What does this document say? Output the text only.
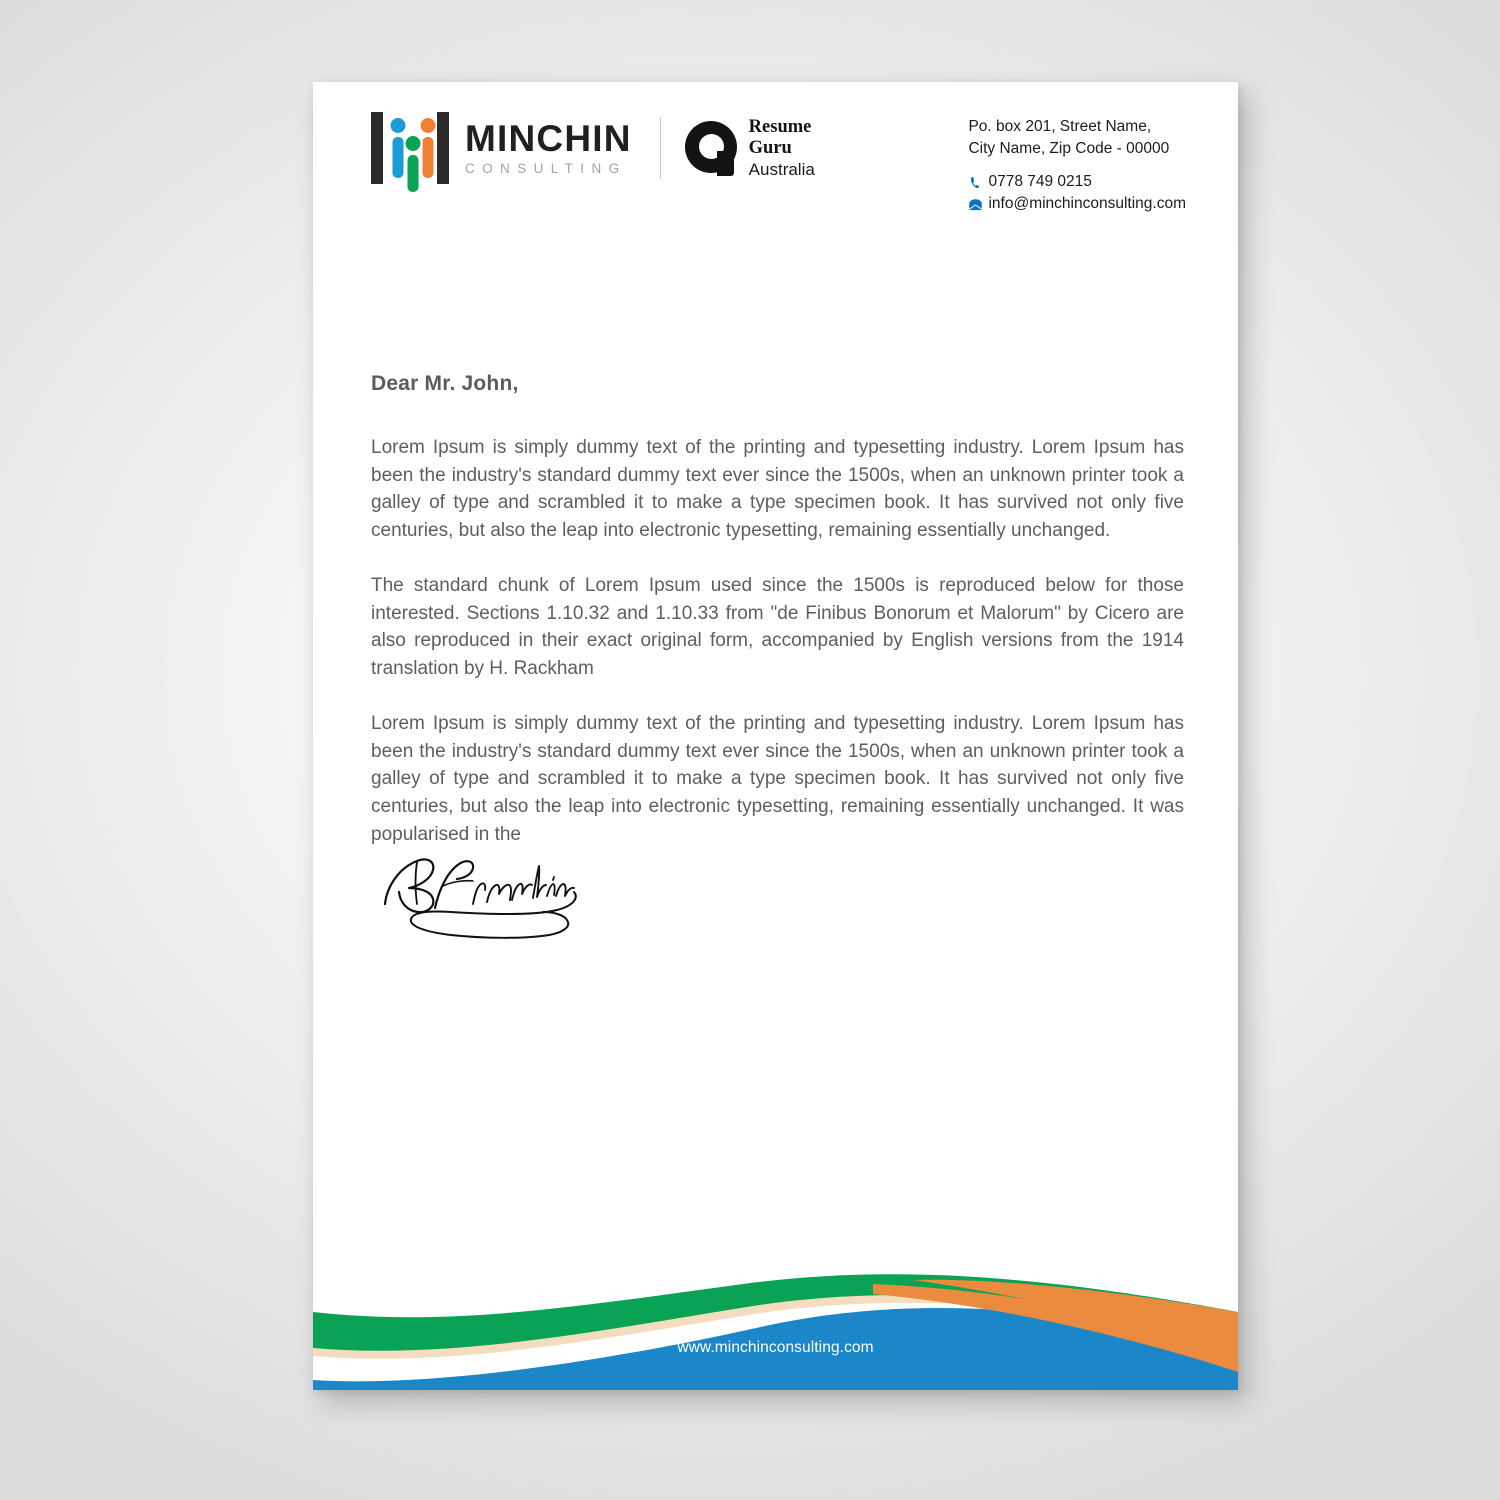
MINCHIN
CONSULTING
Resume
Guru
Australia
Po. box 201, Street Name,
City Name, Zip Code - 00000
0778 749 0215
info@minchinconsulting.com

Dear Mr. John,

Lorem Ipsum is simply dummy text of the printing and typesetting industry. Lorem Ipsum has been the industry's standard dummy text ever since the 1500s, when an unknown printer took a galley of type and scrambled it to make a type specimen book. It has survived not only five centuries, but also the leap into electronic typesetting, remaining essentially unchanged.

The standard chunk of Lorem Ipsum used since the 1500s is reproduced below for those interested. Sections 1.10.32 and 1.10.33 from "de Finibus Bonorum et Malorum" by Cicero are also reproduced in their exact original form, accompanied by English versions from the 1914 translation by H. Rackham

Lorem Ipsum is simply dummy text of the printing and typesetting industry. Lorem Ipsum has been the industry's standard dummy text ever since the 1500s, when an unknown printer took a galley of type and scrambled it to make a type specimen book. It has survived not only five centuries, but also the leap into electronic typesetting, remaining essentially unchanged. It was popularised in the

www.minchinconsulting.com
